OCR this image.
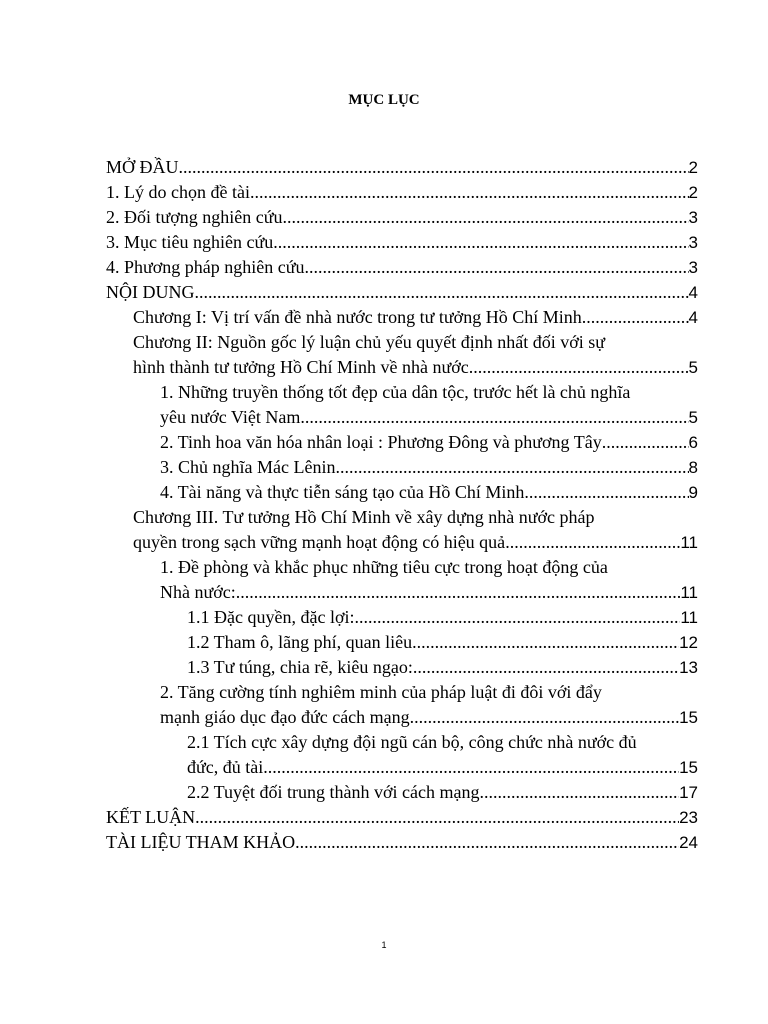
MỤC LỤC
MỞ ĐẦU .....	2
1. Lý do chọn đề tài .....	2
2. Đối tượng nghiên cứu .....	3
3. Mục tiêu nghiên cứu .....	3
4. Phương pháp nghiên cứu .....	3
NỘI DUNG .....	4
Chương I: Vị trí vấn đề nhà nước trong tư tưởng Hồ Chí Minh .....	4
Chương II: Nguồn gốc lý luận chủ yếu quyết định nhất đối với sự
hình thành tư tưởng Hồ Chí Minh về nhà nước .....	5
1. Những truyền thống tốt đẹp của dân tộc, trước hết là chủ nghĩa
yêu nước Việt Nam .....	5
2. Tinh hoa văn hóa nhân loại : Phương Đông và phương Tây .....	6
3. Chủ nghĩa Mác Lênin .....	8
4. Tài năng và thực tiễn sáng tạo của Hồ Chí Minh .....	9
Chương III. Tư tưởng Hồ Chí Minh về xây dựng nhà nước pháp
quyền trong sạch vững mạnh hoạt động có hiệu quả .....	11
1. Đề phòng và khắc phục những tiêu cực trong hoạt động của
Nhà nước: .....	11
1.1 Đặc quyền, đặc lợi: .....	11
1.2 Tham ô, lãng phí, quan liêu .....	12
1.3 Tư túng, chia rẽ, kiêu ngạo: .....	13
2. Tăng cường tính nghiêm minh của pháp luật đi đôi với đẩy
mạnh giáo dục đạo đức cách mạng .....	15
2.1 Tích cực xây dựng đội ngũ cán bộ, công chức nhà nước đủ
đức, đủ tài .....	15
2.2 Tuyệt đối trung thành với cách mạng .....	17
KẾT LUẬN .....	23
TÀI LIỆU THAM KHẢO .....	24
1
